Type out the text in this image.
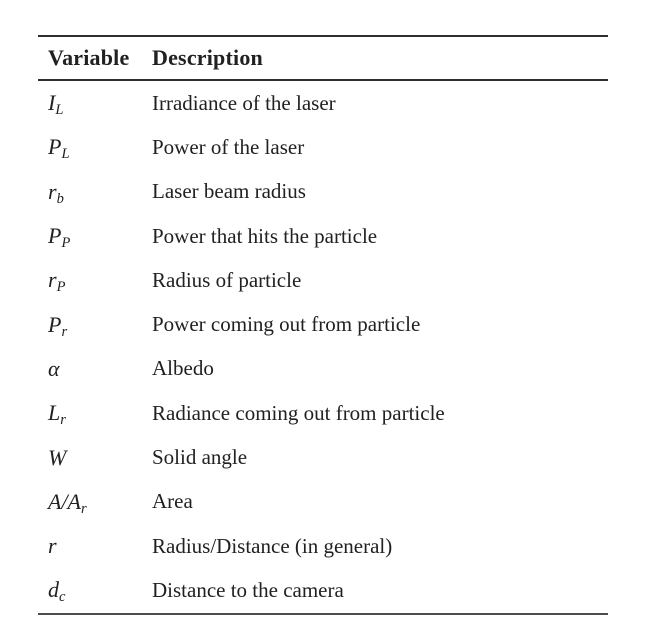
Variable	Description
$I_L$	Irradiance of the laser
$P_L$	Power of the laser
$r_b$	Laser beam radius
$P_P$	Power that hits the particle
$r_P$	Radius of particle
$P_r$	Power coming out from particle
α	Albedo
$L_r$	Radiance coming out from particle
W	Solid angle
$A/A_r$	Area
r	Radius/Distance (in general)
$d_c$	Distance to the camera
